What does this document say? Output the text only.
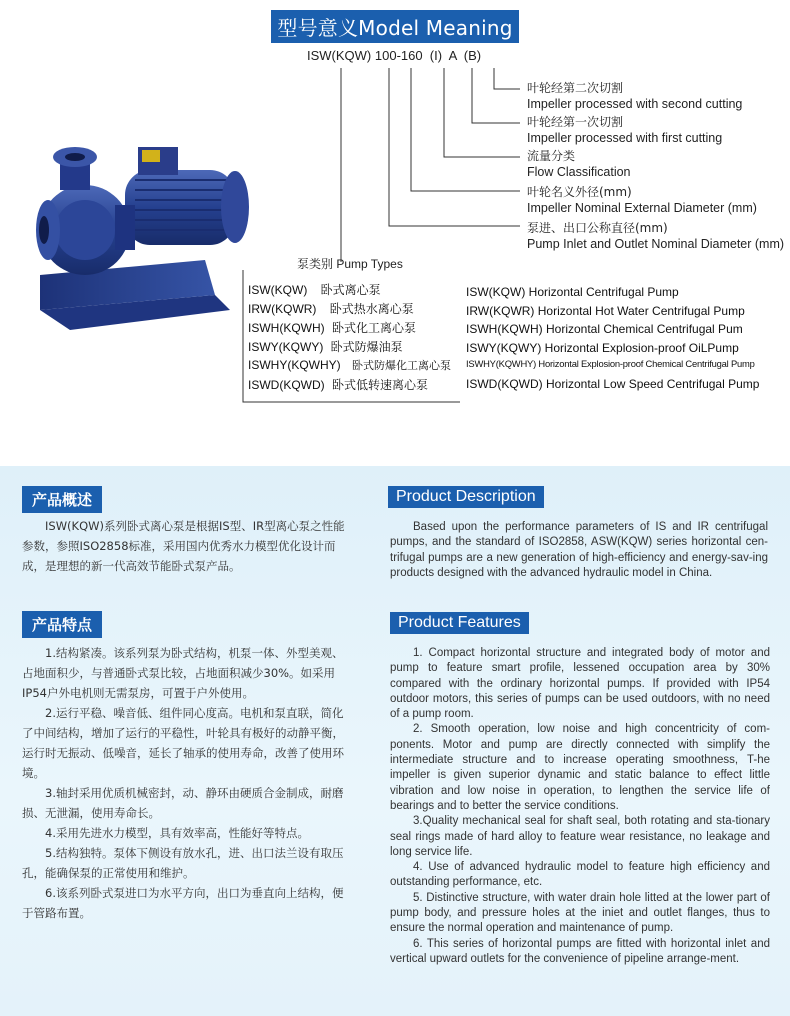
型号意义Model Meaning
ISW(KQW) 100-160  (I)  A  (B)
叶轮经第二次切割
Impeller processed with second cutting
叶轮经第一次切割
Impeller processed with first cutting
流量分类
Flow Classification
叶轮名义外径(mm)
Impeller Nominal External Diameter (mm)
泵进、出口公称直径(mm)
Pump Inlet and Outlet Nominal Diameter (mm)
泵类别 Pump Types
ISW(KQW) 卧式离心泵
IRW(KQWR) 卧式热水离心泵
ISWH(KQWH) 卧式化工离心泵
ISWY(KQWY) 卧式防爆油泵
ISWHY(KQWHY) 卧式防爆化工离心泵
ISWD(KQWD) 卧式低转速离心泵
ISW(KQW) Horizontal Centrifugal Pump
IRW(KQWR) Horizontal Hot Water Centrifugal Pump
ISWH(KQWH) Horizontal Chemical Centrifugal Pum
ISWY(KQWY) Horizontal Explosion-proof OiLPump
ISWHY(KQWHY) Horizontal Explosion-proof Chemical Centrifugal Pump
ISWD(KQWD) Horizontal Low Speed Centrifugal Pump
产品概述	Product Description
ISW(KQW)系列卧式离心泵是根据IS型、IR型离心泵之性能参数，参照ISO2858标准，采用国内优秀水力模型优化设计而成，是理想的新一代高效节能卧式泵产品。
Based upon the performance parameters of IS and IR centrifugal pumps, and the standard of ISO2858, ASW(KQW) series horizontal cen-trifugal pumps are a new generation of high-efficiency and energy-sav-ing products designed with the advanced hydraulic model in China.
产品特点	Product Features

1.结构紧凑。该系列泵为卧式结构，机泵一体、外型美观、占地面积少，与普通卧式泵比较，占地面积减少30%。如采用IP54户外电机则无需泵房，可置于户外使用。

2.运行平稳、噪音低、组件同心度高。电机和泵直联，简化了中间结构，增加了运行的平稳性，叶轮具有极好的动静平衡，运行时无振动、低噪音，延长了轴承的使用寿命，改善了使用环境。

3.轴封采用优质机械密封，动、静环由硬质合金制成，耐磨损、无泄漏，使用寿命长。

4.采用先进水力模型，具有效率高，性能好等特点。

5.结构独特。泵体下侧设有放水孔，进、出口法兰设有取压孔，能确保泵的正常使用和维护。

6.该系列卧式泵进口为水平方向，出口为垂直向上结构，便于管路布置。

1. Compact horizontal structure and integrated body of motor and pump to feature smart profile, lessened occupation area by 30% compared with the ordinary horizontal pumps. If provided with IP54 outdoor motors, this series of pumps can be used outdoors, with no need of a pump room.

2. Smooth operation, low noise and high concentricity of com-ponents. Motor and pump are directly connected with simplify the intermediate structure and to increase operating smoothness, T-he impeller is given superior dynamic and static balance to effect little vibration and low noise in operation, to lengthen the service life of bearings and to better the service conditions.

3.Quality mechanical seal for shaft seal, both rotating and sta-tionary seal rings made of hard alloy to feature wear resistance, no leakage and long service life.

4. Use of advanced hydraulic model to feature high efficiency and outstanding performance, etc.

5. Distinctive structure, with water drain hole litted at the lower part of pump body, and pressure holes at the iniet and outlet flanges, thus to ensure the normal operation and maintenance of pump.

6. This series of horizontal pumps are fitted with horizontal inlet and vertical upward outlets for the convenience of pipeline arrange-ment.
